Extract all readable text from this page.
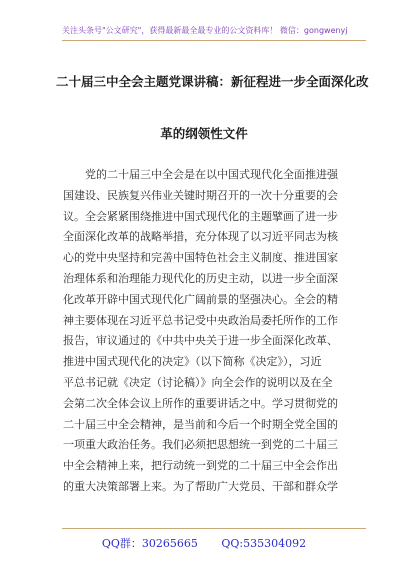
关注头条号"公文研究"，获得最新最全最专业的公文资料库！ 微信：gongwenyj
二十届三中全会主题党课讲稿：新征程进一步全面深化改
革的纲领性文件
　　党的二十届三中全会是在以中国式现代化全面推进强
国建设、民族复兴伟业关键时期召开的一次十分重要的会
议。全会紧紧围绕推进中国式现代化的主题擘画了进一步
全面深化改革的战略举措，充分体现了以习近平同志为核
心的党中央坚持和完善中国特色社会主义制度、推进国家
治理体系和治理能力现代化的历史主动，以进一步全面深
化改革开辟中国式现代化广阔前景的坚强决心。全会的精
神主要体现在习近平总书记受中央政治局委托所作的工作
报告，审议通过的《中共中央关于进一步全面深化改革、
推进中国式现代化的决定》（以下简称《决定》），习近
平总书记就《决定（讨论稿）》向全会作的说明以及在全
会第二次全体会议上所作的重要讲话之中。学习贯彻党的
二十届三中全会精神，是当前和今后一个时期全党全国的
一项重大政治任务。我们必须把思想统一到党的二十届三
中全会精神上来，把行动统一到党的二十届三中全会作出
的重大决策部署上来。为了帮助广大党员、干部和群众学
QQ群：30265665 QQ:535304092
